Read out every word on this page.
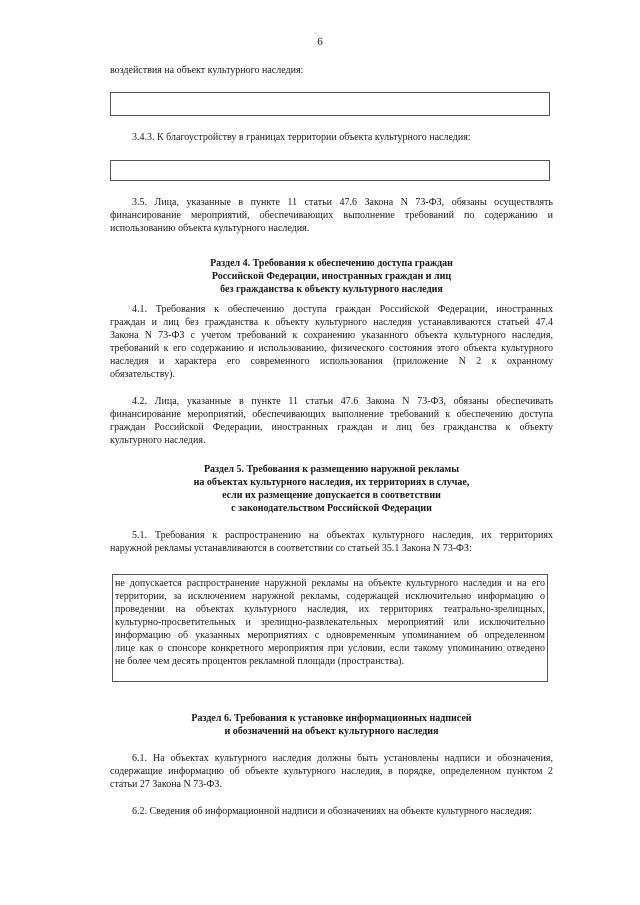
6
воздействия на объект культурного наследия:
3.4.3. К благоустройству в границах территории объекта культурного наследия:
3.5. Лица, указанные в пункте 11 статьи 47.6 Закона N 73-ФЗ, обязаны осуществлять
финансирование мероприятий, обеспечивающих выполнение требований по содержанию и
использованию объекта культурного наследия.
Раздел 4. Требования к обеспечению доступа граждан
Российской Федерации, иностранных граждан и лиц
без гражданства к объекту культурного наследия
4.1. Требования к обеспечению доступа граждан Российской Федерации, иностранных
граждан и лиц без гражданства к объекту культурного наследия устанавливаются статьей 47.4
Закона N 73-ФЗ с учетом требований к сохранению указанного объекта культурного наследия,
требований к его содержанию и использованию, физического состояния этого объекта культурного
наследия и характера его современного использования (приложение N 2 к охранному
обязательству).
4.2. Лица, указанные в пункте 11 статьи 47.6 Закона N 73-ФЗ, обязаны обеспечивать
финансирование мероприятий, обеспечивающих выполнение требований к обеспечению доступа
граждан Российской Федерации, иностранных граждан и лиц без гражданства к объекту
культурного наследия.
Раздел 5. Требования к размещению наружной рекламы
на объектах культурного наследия, их территориях в случае,
если их размещение допускается в соответствии
с законодательством Российской Федерации
5.1. Требования к распространению на объектах культурного наследия, их территориях
наружной рекламы устанавливаются в соответствии со статьей 35.1 Закона N 73-ФЗ:
не допускается распространение наружной рекламы на объекте культурного наследия и на его
территории, за исключением наружной рекламы, содержащей исключительно информацию о
проведении на объектах культурного наследия, их территориях театрально-зрелищных,
культурно-просветительных и зрелищно-развлекательных мероприятий или исключительно
информацию об указанных мероприятиях с одновременным упоминанием об определенном
лице как о спонсоре конкретного мероприятия при условии, если такому упоминанию отведено
не более чем десять процентов рекламной площади (пространства).
Раздел 6. Требования к установке информационных надписей
и обозначений на объект культурного наследия
6.1. На объектах культурного наследия должны быть установлены надписи и обозначения,
содержащие информацию об объекте культурного наследия, в порядке, определенном пунктом 2
статьи 27 Закона N 73-ФЗ.
6.2. Сведения об информационной надписи и обозначениях на объекте культурного наследия:
